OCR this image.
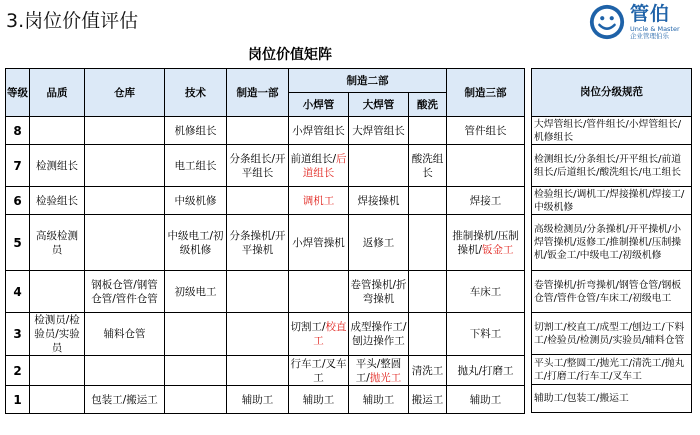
3.岗位价值评估	管伯
Uncle & Master
企业管理伯乐
岗位价值矩阵
等级	品质	仓库	技术	制造一部	制造二部			制造三部
					小焊管	大焊管	酸洗	
8			机修组长		小焊管组长	大焊管组长		管件组长
7	检测组长		电工组长	分条组长/开平组长	前道组长/后道组长		酸洗组长	
6	检验组长		中级机修		调机工	焊接操机		焊接工
5	高级检测员		中级电工/初级机修	分条操机/开平操机	小焊管操机	返修工		推制操机/压制操机/钣金工
4		钢板仓管/钢管仓管/管件仓管	初级电工			卷管操机/折弯操机		车床工
3	检测员/检验员/实验员	辅料仓管			切割工/校直工	成型操作工/刨边操作工		下料工
2					行车工/叉车工	平头/整圆工/抛光工	清洗工	抛丸/打磨工
1		包装工/搬运工		辅助工	辅助工	辅助工	搬运工	辅助工
岗位分级规范
大焊管组长/管件组长/小焊管组长/机修组长
检测组长/分条组长/开平组长/前道组长/后道组长/酸洗组长/电工组长
检验组长/调机工/焊接操机/焊接工/中级机修
高级检测员/分条操机/开平操机/小焊管操机/返修工/推制操机/压制操机/钣金工/中级电工/初级机修
卷管操机/折弯操机/钢管仓管/钢板仓管/管件仓管/车床工/初级电工
切割工/校直工/成型工/刨边工/下料工/检验员/检测员/实验员/辅料仓管
平头工/整圆工/抛光工/清洗工/抛丸工/打磨工/行车工/叉车工
辅助工/包装工/搬运工
